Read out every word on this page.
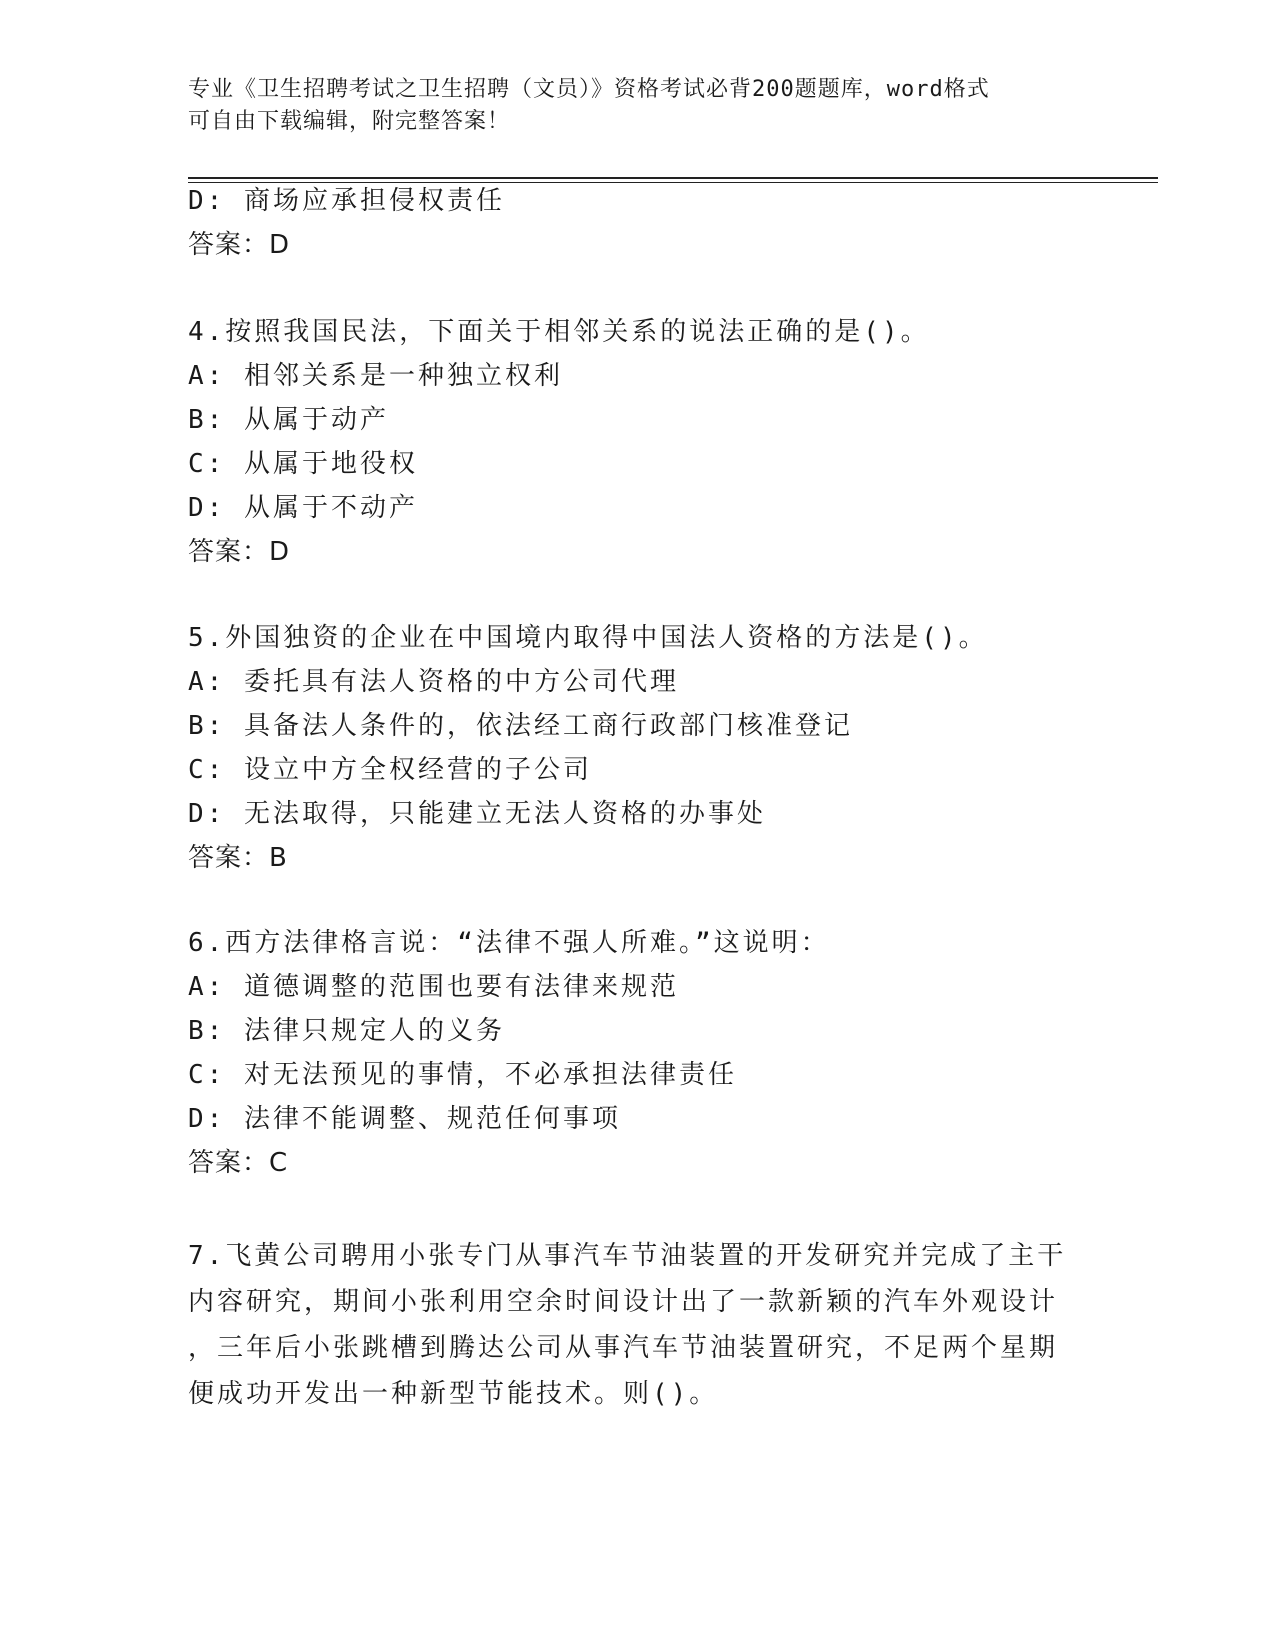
专业《卫生招聘考试之卫生招聘（文员）》资格考试必背200题题库，word格式
可自由下载编辑，附完整答案！
D: 商场应承担侵权责任
答案：D
4.按照我国民法，下面关于相邻关系的说法正确的是()。
A: 相邻关系是一种独立权利
B: 从属于动产
C: 从属于地役权
D: 从属于不动产
答案：D
5.外国独资的企业在中国境内取得中国法人资格的方法是()。
A: 委托具有法人资格的中方公司代理
B: 具备法人条件的，依法经工商行政部门核准登记
C: 设立中方全权经营的子公司
D: 无法取得，只能建立无法人资格的办事处
答案：B
6.西方法律格言说：“法律不强人所难。”这说明：
A: 道德调整的范围也要有法律来规范
B: 法律只规定人的义务
C: 对无法预见的事情，不必承担法律责任
D: 法律不能调整、规范任何事项
答案：C
7.飞黄公司聘用小张专门从事汽车节油装置的开发研究并完成了主干
内容研究，期间小张利用空余时间设计出了一款新颖的汽车外观设计
，三年后小张跳槽到腾达公司从事汽车节油装置研究，不足两个星期
便成功开发出一种新型节能技术。则()。
